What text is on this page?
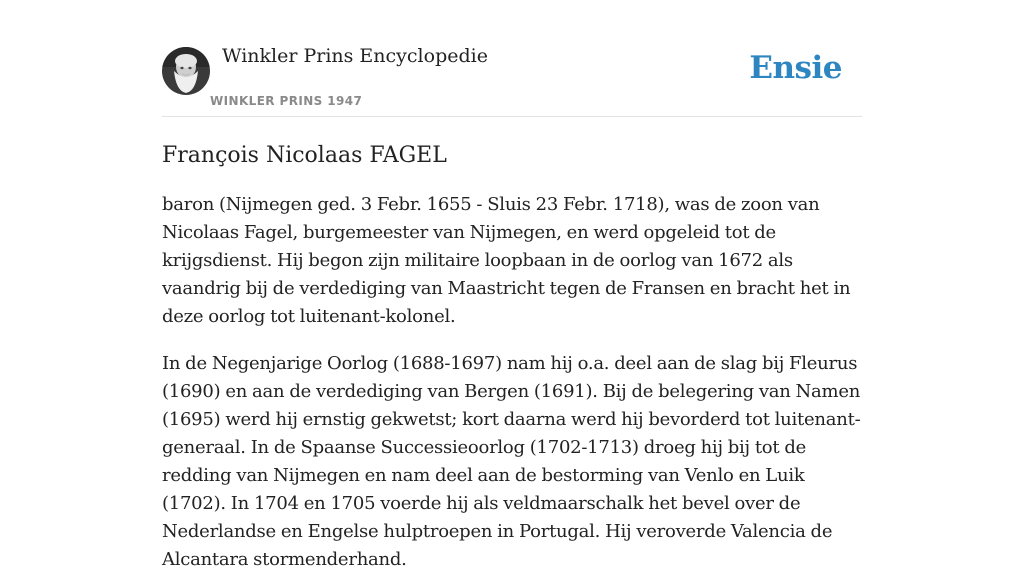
Winkler Prins Encyclopedie
WINKLER PRINS 1947
Ensie
François Nicolaas FAGEL

baron (Nijmegen ged. 3 Febr. 1655 - Sluis 23 Febr. 1718), was de zoon van Nicolaas Fagel, burgemeester van Nijmegen, en werd opgeleid tot de krijgsdienst. Hij begon zijn militaire loopbaan in de oorlog van 1672 als vaandrig bij de verdediging van Maastricht tegen de Fransen en bracht het in deze oorlog tot luitenant-kolonel.

In de Negenjarige Oorlog (1688-1697) nam hij o.a. deel aan de slag bij Fleurus (1690) en aan de verdediging van Bergen (1691). Bij de belegering van Namen (1695) werd hij ernstig gekwetst; kort daarna werd hij bevorderd tot luitenant-generaal. In de Spaanse Successieoorlog (1702-1713) droeg hij bij tot de redding van Nijmegen en nam deel aan de bestorming van Venlo en Luik (1702). In 1704 en 1705 voerde hij als veldmaarschalk het bevel over de Nederlandse en Engelse hulptroepen in Portugal. Hij veroverde Valencia de Alcantara stormenderhand.
